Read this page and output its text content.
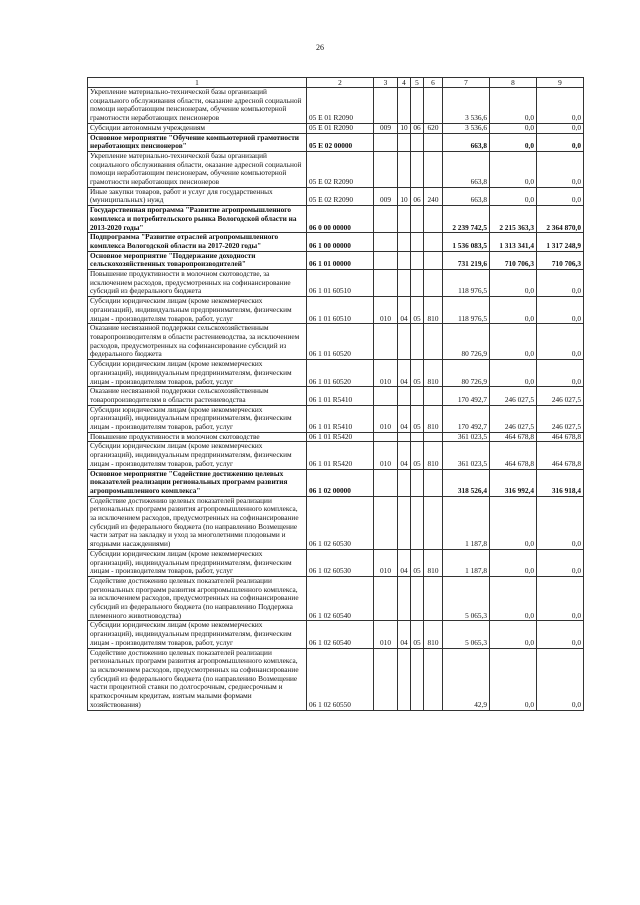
26
1	2	3	4	5	6	7	8	9
Укрепление материально-технической базы организаций социального обслуживания области, оказание адресной социальной помощи неработающим пенсионерам, обучение компьютерной грамотности неработающих пенсионеров	05 E 01 R2090					3 536,6	0,0	0,0
Субсидии автономным учреждениям	05 E 01 R2090	009	10	06	620	3 536,6	0,0	0,0
Основное мероприятие "Обучение компьютерной грамотности неработающих пенсионеров"	05 E 02 00000					663,8	0,0	0,0
Укрепление материально-технической базы организаций социального обслуживания области, оказание адресной социальной помощи неработающим пенсионерам, обучение компьютерной грамотности неработающих пенсионеров	05 E 02 R2090					663,8	0,0	0,0
Иные закупки товаров, работ и услуг для государственных (муниципальных) нужд	05 E 02 R2090	009	10	06	240	663,8	0,0	0,0
Государственная программа "Развитие агропромышленного комплекса и потребительского рынка Вологодской области на 2013-2020 годы"	06 0 00 00000					2 239 742,5	2 215 363,3	2 364 870,0
Подпрограмма "Развитие отраслей агропромышленного комплекса Вологодской области на 2017-2020 годы"	06 1 00 00000					1 536 083,5	1 313 341,4	1 317 248,9
Основное мероприятие "Поддержание доходности сельскохозяйственных товаропроизводителей"	06 1 01 00000					731 219,6	710 706,3	710 706,3
Повышение продуктивности в молочном скотоводстве, за исключением расходов, предусмотренных на софинансирование субсидий из федерального бюджета	06 1 01 60510					118 976,5	0,0	0,0
Субсидии юридическим лицам (кроме некоммерческих организаций), индивидуальным предпринимателям, физическим лицам - производителям товаров, работ, услуг	06 1 01 60510	010	04	05	810	118 976,5	0,0	0,0
Оказание несвязанной поддержки сельскохозяйственным товаропроизводителям в области растениеводства, за исключением расходов, предусмотренных на софинансирование субсидий из федерального бюджета	06 1 01 60520					80 726,9	0,0	0,0
Субсидии юридическим лицам (кроме некоммерческих организаций), индивидуальным предпринимателям, физическим лицам - производителям товаров, работ, услуг	06 1 01 60520	010	04	05	810	80 726,9	0,0	0,0
Оказание несвязанной поддержки сельскохозяйственным товаропроизводителям в области растениеводства	06 1 01 R5410					170 492,7	246 027,5	246 027,5
Субсидии юридическим лицам (кроме некоммерческих организаций), индивидуальным предпринимателям, физическим лицам - производителям товаров, работ, услуг	06 1 01 R5410	010	04	05	810	170 492,7	246 027,5	246 027,5
Повышение продуктивности в молочном скотоводстве	06 1 01 R5420					361 023,5	464 678,8	464 678,8
Субсидии юридическим лицам (кроме некоммерческих организаций), индивидуальным предпринимателям, физическим лицам - производителям товаров, работ, услуг	06 1 01 R5420	010	04	05	810	361 023,5	464 678,8	464 678,8
Основное мероприятие "Содействие достижению целевых показателей реализации региональных программ развития агропромышленного комплекса"	06 1 02 00000					318 526,4	316 992,4	316 918,4
Содействие достижению целевых показателей реализации региональных программ развития агропромышленного комплекса, за исключением расходов, предусмотренных на софинансирование субсидий из федерального бюджета (по направлению Возмещение части затрат на закладку и уход за многолетними плодовыми и ягодными насаждениями)	06 1 02 60530					1 187,8	0,0	0,0
Субсидии юридическим лицам (кроме некоммерческих организаций), индивидуальным предпринимателям, физическим лицам - производителям товаров, работ, услуг	06 1 02 60530	010	04	05	810	1 187,8	0,0	0,0
Содействие достижению целевых показателей реализации региональных программ развития агропромышленного комплекса, за исключением расходов, предусмотренных на софинансирование субсидий из федерального бюджета (по направлению Поддержка племенного животноводства)	06 1 02 60540					5 065,3	0,0	0,0
Субсидии юридическим лицам (кроме некоммерческих организаций), индивидуальным предпринимателям, физическим лицам - производителям товаров, работ, услуг	06 1 02 60540	010	04	05	810	5 065,3	0,0	0,0
Содействие достижению целевых показателей реализации региональных программ развития агропромышленного комплекса, за исключением расходов, предусмотренных на софинансирование субсидий из федерального бюджета (по направлению Возмещение части процентной ставки по долгосрочным, среднесрочным и краткосрочным кредитам, взятым малыми формами хозяйствования)	06 1 02 60550					42,9	0,0	0,0
